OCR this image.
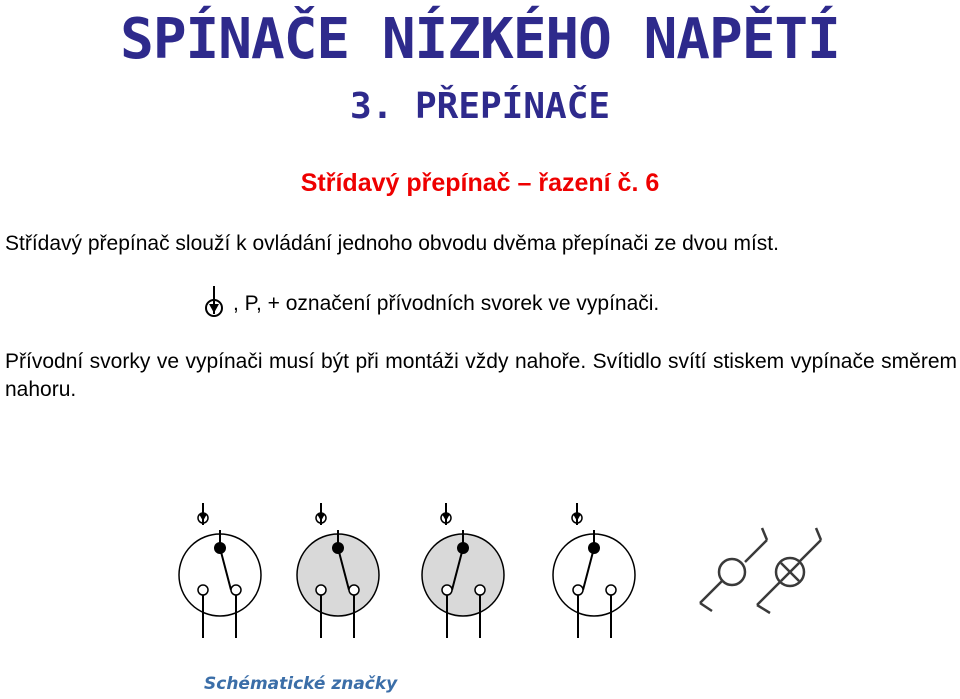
SPÍNAČE NÍZKÉHO NAPĚTÍ
3. PŘEPÍNAČE
Střídavý přepínač – řazení č. 6
Střídavý přepínač slouží k ovládání jednoho obvodu dvěma přepínači ze dvou míst.
, P, + označení přívodních svorek ve vypínači.
Přívodní svorky ve vypínači musí být při montáži vždy nahoře. Svítidlo svítí stiskem vypínače směrem nahoru.
Schématické značky
